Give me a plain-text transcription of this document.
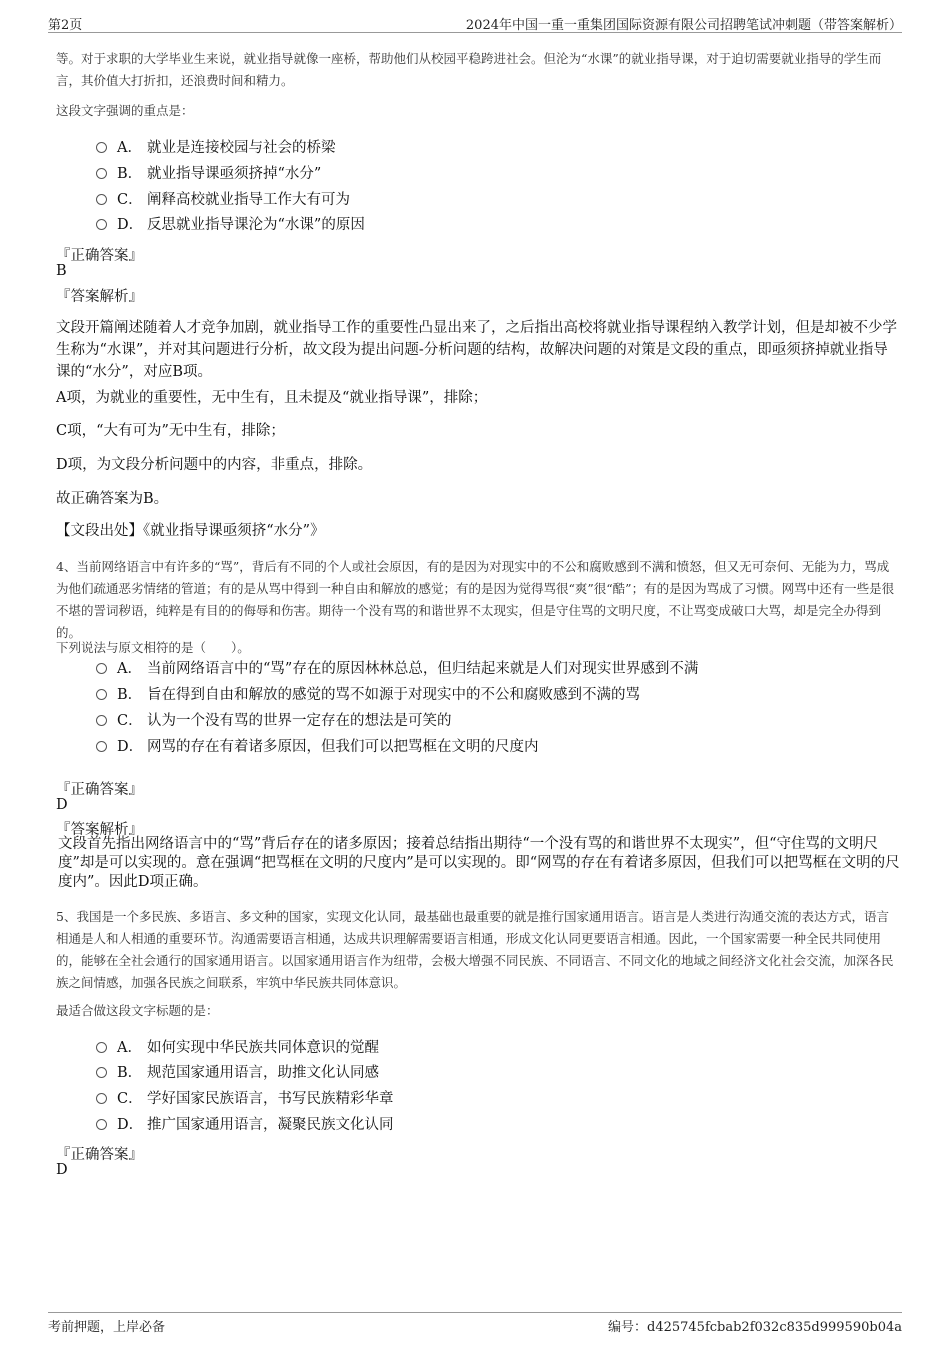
第2页	2024年中国一重一重集团国际资源有限公司招聘笔试冲刺题（带答案解析）
等。对于求职的大学毕业生来说，就业指导就像一座桥，帮助他们从校园平稳跨进社会。但沦为“水课”的就业指导课，对于迫切需要就业指导的学生而言，其价值大打折扣，还浪费时间和精力。
这段文字强调的重点是：
A． 就业是连接校园与社会的桥梁
B． 就业指导课亟须挤掉“水分”
C． 阐释高校就业指导工作大有可为
D． 反思就业指导课沦为“水课”的原因
『正确答案』
B
『答案解析』
文段开篇阐述随着人才竞争加剧，就业指导工作的重要性凸显出来了，之后指出高校将就业指导课程纳入教学计划，但是却被不少学生称为“水课”，并对其问题进行分析，故文段为提出问题-分析问题的结构，故解决问题的对策是文段的重点，即亟须挤掉就业指导课的“水分”，对应B项。
A项，为就业的重要性，无中生有，且未提及“就业指导课”，排除；
C项，“大有可为”无中生有，排除；
D项，为文段分析问题中的内容，非重点，排除。
故正确答案为B。
【文段出处】《就业指导课亟须挤“水分”》
4、当前网络语言中有许多的“骂”，背后有不同的个人或社会原因，有的是因为对现实中的不公和腐败感到不满和愤怒，但又无可奈何、无能为力，骂成为他们疏通恶劣情绪的管道；有的是从骂中得到一种自由和解放的感觉；有的是因为觉得骂很“爽”很“酷”；有的是因为骂成了习惯。网骂中还有一些是很不堪的詈词秽语，纯粹是有目的的侮辱和伤害。期待一个没有骂的和谐世界不太现实，但是守住骂的文明尺度，不让骂变成破口大骂，却是完全办得到的。
下列说法与原文相符的是（　　）。
A． 当前网络语言中的“骂”存在的原因林林总总，但归结起来就是人们对现实世界感到不满
B． 旨在得到自由和解放的感觉的骂不如源于对现实中的不公和腐败感到不满的骂
C． 认为一个没有骂的世界一定存在的想法是可笑的
D． 网骂的存在有着诸多原因，但我们可以把骂框在文明的尺度内
『正确答案』
D
『答案解析』
文段首先指出网络语言中的“骂”背后存在的诸多原因；接着总结指出期待“一个没有骂的和谐世界不太现实”，但“守住骂的文明尺度”却是可以实现的。意在强调“把骂框在文明的尺度内”是可以实现的。即“网骂的存在有着诸多原因，但我们可以把骂框在文明的尺度内”。因此D项正确。
5、我国是一个多民族、多语言、多文种的国家，实现文化认同，最基础也最重要的就是推行国家通用语言。语言是人类进行沟通交流的表达方式，语言相通是人和人相通的重要环节。沟通需要语言相通，达成共识理解需要语言相通，形成文化认同更要语言相通。因此，一个国家需要一种全民共同使用的，能够在全社会通行的国家通用语言。以国家通用语言作为纽带，会极大增强不同民族、不同语言、不同文化的地域之间经济文化社会交流，加深各民族之间情感，加强各民族之间联系，牢筑中华民族共同体意识。
最适合做这段文字标题的是：
A． 如何实现中华民族共同体意识的觉醒
B． 规范国家通用语言，助推文化认同感
C． 学好国家民族语言，书写民族精彩华章
D． 推广国家通用语言，凝聚民族文化认同
『正确答案』
D
考前押题，上岸必备	编号：d425745fcbab2f032c835d999590b04a
